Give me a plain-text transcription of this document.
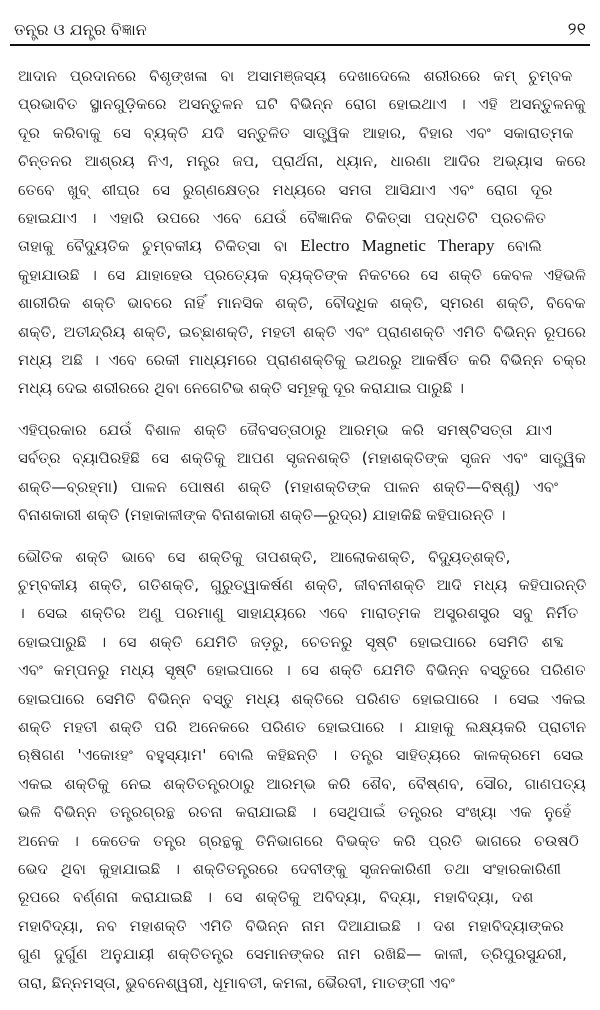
ତନ୍ତ୍ର ଓ ଯନ୍ତ୍ର ବିଜ୍ଞାନ	୨୧

ଆଦାନ ପ୍ରଦାନରେ ବିଶୃଙ୍ଖଳା ବା ଅସାମଞ୍ଜସ୍ୟ ଦେଖାଦେଲେ ଶରୀରରେ କମ୍ ଚୁମ୍ବକ

ପ୍ରଭାବିତ ସ୍ଥାନଗୁଡ଼ିକରେ ଅସନ୍ତୁଳନ ଘଟି ବିଭିନ୍ନ ରୋଗ ହୋଇଥାଏ । ଏହି ଅସନ୍ତୁଳନକୁ

ଦୂର କରିବାକୁ ସେ ବ୍ୟକ୍ତି ଯଦି ସନ୍ତୁଳିତ ସାତ୍ତ୍ୱିକ ଆହାର, ବିହାର ଏବଂ ସକାରାତ୍ମକ

ଚିନ୍ତନର ଆଶ୍ରୟ ନିଏ, ମନ୍ତ୍ର ଜପ, ପ୍ରାର୍ଥନା, ଧ୍ୟାନ, ଧାରଣା ଆଦିର ଅଭ୍ୟାସ କରେ

ତେବେ ଖୁବ୍ ଶୀଘ୍ର ସେ ରୁଗ୍ଣକ୍ଷେତ୍ର ମଧ୍ୟରେ ସମତା ଆସିଯାଏ ଏବଂ ରୋଗ ଦୂର

ହୋଇଯାଏ । ଏହାରି ଉପରେ ଏବେ ଯେଉଁ ବୈଜ୍ଞାନିକ ଚିକିତ୍ସା ପଦ୍ଧତିଟି ପ୍ରଚଳିତ

ତାହାକୁ ବୈଦ୍ୟୁତିକ ଚୁମ୍ବକୀୟ ଚିକିତ୍ସା ବା Electro Magnetic Therapy ବୋଲି

କୁହାଯାଉଛି । ସେ ଯାହାହେଉ ପ୍ରତ୍ୟେକ ବ୍ୟକ୍ତିଙ୍କ ନିକଟରେ ସେ ଶକ୍ତି କେବଳ ଏହିଭଳି

ଶାରୀରିକ ଶକ୍ତି ଭାବରେ ନାହିଁ ମାନସିକ ଶକ୍ତି, ବୌଦ୍ଧିକ ଶକ୍ତି, ସ୍ମରଣ ଶକ୍ତି, ବିବେକ

ଶକ୍ତି, ଅତୀନ୍ଦ୍ରିୟ ଶକ୍ତି, ଇଚ୍ଛାଶକ୍ତି, ମହତୀ ଶକ୍ତି ଏବଂ ପ୍ରାଣଶକ୍ତି ଏମିତି ବିଭିନ୍ନ ରୂପରେ

ମଧ୍ୟ ଅଛି । ଏବେ ରେକୀ ମାଧ୍ୟମରେ ପ୍ରାଣଶକ୍ତିକୁ ଇଥରରୁ ଆକର୍ଷିତ କରି ବିଭିନ୍ନ ଚକ୍ର

ମଧ୍ୟ ଦେଇ ଶରୀରରେ ଥିବା ନେଗେଟିଭ ଶକ୍ତି ସମୂହକୁ ଦୂର କରାଯାଇ ପାରୁଛି ।

ଏହିପ୍ରକାର ଯେଉଁ ବିଶାଳ ଶକ୍ତି ଜୈବସତ୍ତାଠାରୁ ଆରମ୍ଭ କରି ସମଷ୍ଟିସତ୍ତା ଯାଏ

ସର୍ବତ୍ର ବ୍ୟାପିରହିଛି ସେ ଶକ୍ତିକୁ ଆପଣ ସୃଜନଶକ୍ତି (ମହାଶକ୍ତିଙ୍କ ସୃଜନ ଏବଂ ସାତ୍ତ୍ୱିକ

ଶକ୍ତି—ବ୍ରହ୍ମା) ପାଳନ ପୋଷଣ ଶକ୍ତି (ମହାଶକ୍ତିଙ୍କ ପାଳନ ଶକ୍ତି—ବିଷ୍ଣୁ) ଏବଂ

ବିନାଶକାରୀ ଶକ୍ତି (ମହାକାଳୀଙ୍କ ବିନାଶକାରୀ ଶକ୍ତି—ରୁଦ୍ର) ଯାହାକିଛି କହିପାରନ୍ତି ।

ଭୌତିକ ଶକ୍ତି ଭାବେ ସେ ଶକ୍ତିକୁ ତାପଶକ୍ତି, ଆଲୋକଶକ୍ତି, ବିଦ୍ୟୁତ୍‌ଶକ୍ତି,

ଚୁମ୍ବକୀୟ ଶକ୍ତି, ଗତିଶକ୍ତି, ଗୁରୁତ୍ୱାକର୍ଷଣ ଶକ୍ତି, ଜୀବନୀଶକ୍ତି ଆଦି ମଧ୍ୟ କହିପାରନ୍ତି

। ସେଇ ଶକ୍ତିର ଅଣୁ ପରମାଣୁ ସାହାଯ୍ୟରେ ଏବେ ମାରାତ୍ମକ ଅସ୍ତ୍ରଶସ୍ତ୍ର ସବୁ ନିର୍ମିତ

ହୋଇପାରୁଛି । ସେ ଶକ୍ତି ଯେମିତି ଜଡ଼ରୁ, ଚେତନରୁ ସୃଷ୍ଟି ହୋଇପାରେ ସେମିତି ଶବ୍ଦ

ଏବଂ କମ୍ପନରୁ ମଧ୍ୟ ସୃଷ୍ଟି ହୋଇପାରେ । ସେ ଶକ୍ତି ଯେମିତି ବିଭିନ୍ନ ବସ୍ତୁରେ ପରିଣତ

ହୋଇପାରେ ସେମିତି ବିଭିନ୍ନ ବସ୍ତୁ ମଧ୍ୟ ଶକ୍ତିରେ ପରିଣତ ହୋଇପାରେ । ସେଇ ଏକଇ

ଶକ୍ତି ମହତୀ ଶକ୍ତି ପରି ଅନେକରେ ପରିଣତ ହୋଇପାରେ । ଯାହାକୁ ଲକ୍ଷ୍ୟକରି ପ୍ରାଚୀନ

ଋଷିଗଣ 'ଏକୋଽହଂ ବହୁସ୍ୟାମ' ବୋଲି କହିଛନ୍ତି । ତନ୍ତ୍ର ସାହିତ୍ୟରେ କାଳକ୍ରମେ ସେଇ

ଏକଇ ଶକ୍ତିକୁ ନେଇ ଶକ୍ତିତନ୍ତ୍ରଠାରୁ ଆରମ୍ଭ କରି ଶୈବ, ବୈଷ୍ଣବ, ସୌର, ଗାଣପତ୍ୟ

ଭଳି ବିଭିନ୍ନ ତନ୍ତ୍ରଗ୍ରନ୍ଥ ରଚନା କରାଯାଇଛି । ସେଥିପାଇଁ ତନ୍ତ୍ରର ସଂଖ୍ୟା ଏକ ନୁହେଁ

ଅନେକ । କେତେକ ତନ୍ତ୍ର ଗ୍ରନ୍ଥକୁ ତିନିଭାଗରେ ବିଭକ୍ତ କରି ପ୍ରତି ଭାଗରେ ଚଉଷଠି

ଭେଦ ଥିବା କୁହାଯାଇଛି । ଶକ୍ତିତନ୍ତ୍ରରେ ଦେବୀଙ୍କୁ ସୃଜନକାରିଣୀ ତଥା ସଂହାରକାରିଣୀ

ରୂପରେ ବର୍ଣ୍ଣନା କରାଯାଇଛି । ସେ ଶକ୍ତିକୁ ଅବିଦ୍ୟା, ବିଦ୍ୟା, ମହାବିଦ୍ୟା, ଦଶ

ମହାବିଦ୍ୟା, ନବ ମହାଶକ୍ତି ଏମିତି ବିଭିନ୍ନ ନାମ ଦିଆଯାଇଛି । ଦଶ ମହାବିଦ୍ୟାଙ୍କର

ଗୁଣ ଦୁର୍ଗୁଣ ଅନୁଯାୟୀ ଶକ୍ତିତନ୍ତ୍ର ସେମାନଙ୍କର ନାମ ରଖିଛି— କାଳୀ, ତ୍ରିପୁରସୁନ୍ଦରୀ,

ତାରା, ଛିନ୍ନମସ୍ତା, ଭୁବନେଶ୍ୱରୀ, ଧୂମାବତୀ, କମଳା, ଭୈରବୀ, ମାତଙ୍ଗୀ ଏବଂ
